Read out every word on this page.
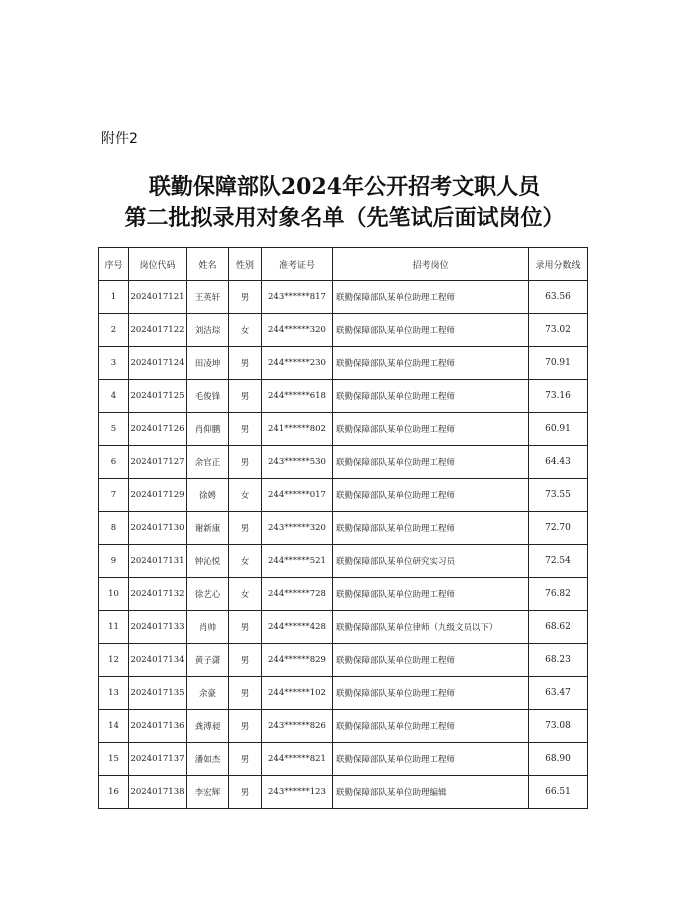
附件2
联勤保障部队2024年公开招考文职人员
第二批拟录用对象名单（先笔试后面试岗位）
序号	岗位代码	姓名	性别	准考证号	招考岗位	录用分数线
1	2024017121	王英轩	男	243******817	联勤保障部队某单位助理工程师	63.56
2	2024017122	刘洁琮	女	244******320	联勤保障部队某单位助理工程师	73.02
3	2024017124	田凌坤	男	244******230	联勤保障部队某单位助理工程师	70.91
4	2024017125	毛俊锋	男	244******618	联勤保障部队某单位助理工程师	73.16
5	2024017126	肖仰鹏	男	241******802	联勤保障部队某单位助理工程师	60.91
6	2024017127	余官正	男	243******530	联勤保障部队某单位助理工程师	64.43
7	2024017129	徐娉	女	244******017	联勤保障部队某单位助理工程师	73.55
8	2024017130	谢新康	男	243******320	联勤保障部队某单位助理工程师	72.70
9	2024017131	钟沁悦	女	244******521	联勤保障部队某单位研究实习员	72.54
10	2024017132	徐艺心	女	244******728	联勤保障部队某单位助理工程师	76.82
11	2024017133	肖帅	男	244******428	联勤保障部队某单位律师（九级文员以下）	68.62
12	2024017134	黄子潇	男	244******829	联勤保障部队某单位助理工程师	68.23
13	2024017135	余豪	男	244******102	联勤保障部队某单位助理工程师	63.47
14	2024017136	龚溥昶	男	243******826	联勤保障部队某单位助理工程师	73.08
15	2024017137	潘如杰	男	244******821	联勤保障部队某单位助理工程师	68.90
16	2024017138	李宏辉	男	243******123	联勤保障部队某单位助理编辑	66.51
